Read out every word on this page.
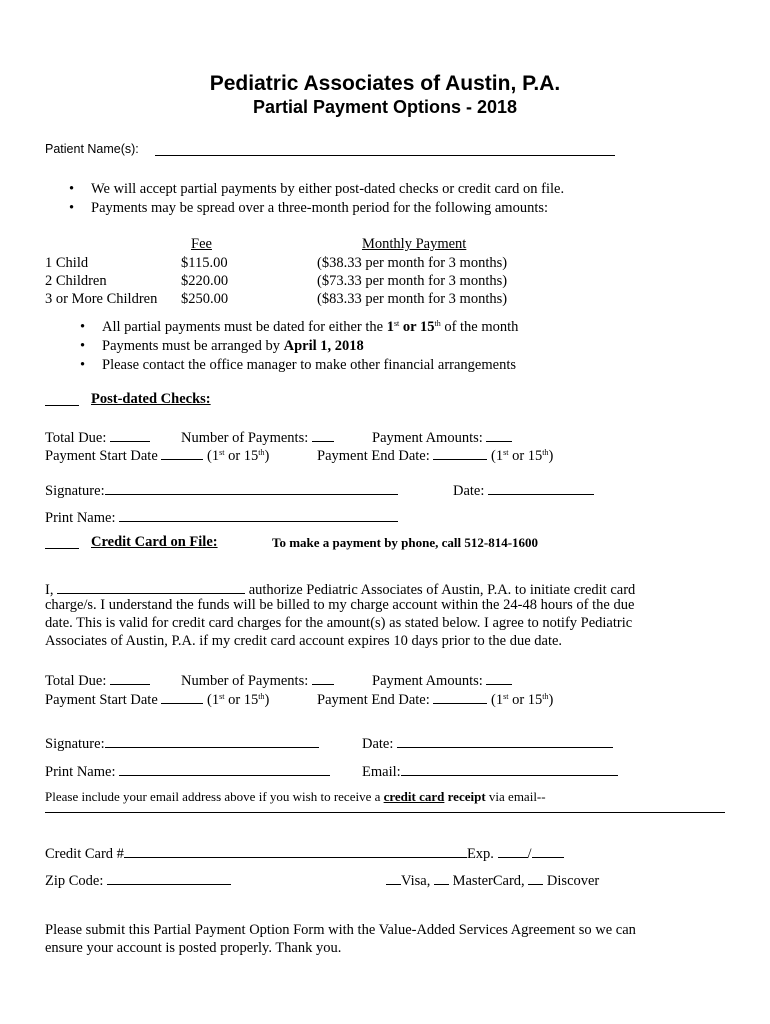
Pediatric Associates of Austin, P.A.
Partial Payment Options - 2018
Patient Name(s):
• We will accept partial payments by either post-dated checks or credit card on file.
• Payments may be spread over a three-month period for the following amounts:
Fee	Monthly Payment
1 Child	$115.00	($38.33 per month for 3 months)
2 Children	$220.00	($73.33 per month for 3 months)
3 or More Children $250.00	($83.33 per month for 3 months)
• All partial payments must be dated for either the 1st or 15th of the month
• Payments must be arranged by April 1, 2018
• Please contact the office manager to make other financial arrangements
Post-dated Checks:
Total Due:	Number of Payments:	Payment Amounts:
Payment Start Date	(1st or 15th)	Payment End Date:	(1st or 15th)
Signature:	Date:
Print Name:
Credit Card on File:	To make a payment by phone, call 512-814-1600
I,	authorize Pediatric Associates of Austin, P.A. to initiate credit card
charge/s. I understand the funds will be billed to my charge account within the 24-48 hours of the due
date. This is valid for credit card charges for the amount(s) as stated below. I agree to notify Pediatric
Associates of Austin, P.A. if my credit card account expires 10 days prior to the due date.
Total Due:	Number of Payments:	Payment Amounts:
Payment Start Date	(1st or 15th)	Payment End Date:	(1st or 15th)
Signature:	Date:
Print Name:	Email:
Please include your email address above if you wish to receive a credit card receipt via email--
Credit Card #	Exp. /
Zip Code:	Visa, MasterCard, Discover
Please submit this Partial Payment Option Form with the Value-Added Services Agreement so we can
ensure your account is posted properly. Thank you.
